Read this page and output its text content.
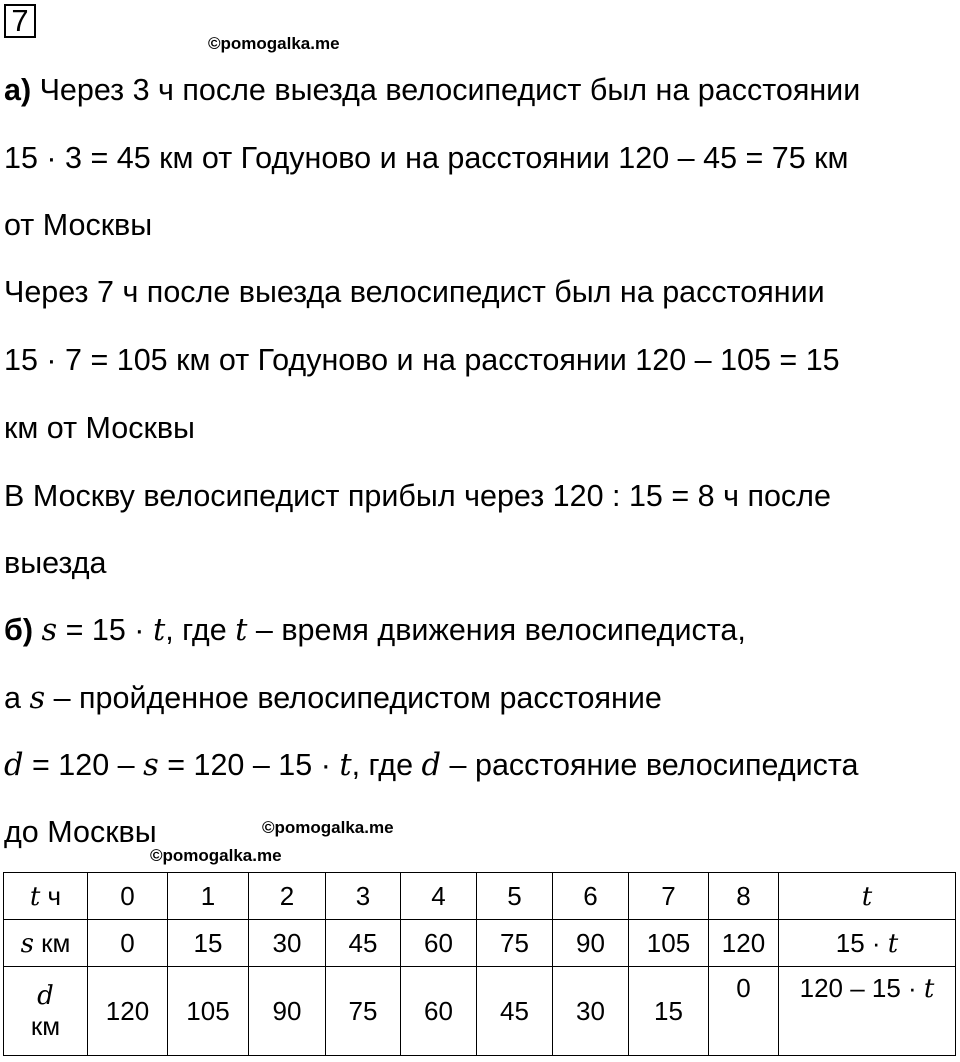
7
©pomogalka.me
а) Через 3 ч после выезда велосипедист был на расстоянии
15 · 3 = 45 км от Годуново и на расстоянии 120 – 45 = 75 км
от Москвы
Через 7 ч после выезда велосипедист был на расстоянии
15 · 7 = 105 км от Годуново и на расстоянии 120 – 105 = 15
км от Москвы
В Москву велосипедист прибыл через 120 : 15 = 8 ч после
выезда
б) s = 15 · t, где t – время движения велосипедиста,
а s – пройденное велосипедистом расстояние
d = 120 – s = 120 – 15 · t, где d – расстояние велосипедиста
до Москвы	©pomogalka.me
©pomogalka.me
t ч	0	1	2	3	4	5	6	7	8	t
s км	0	15	30	45	60	75	90	105	120	15 · t

d
км	120	105	90	75	60	45	30	15	0	120 – 15 · t
